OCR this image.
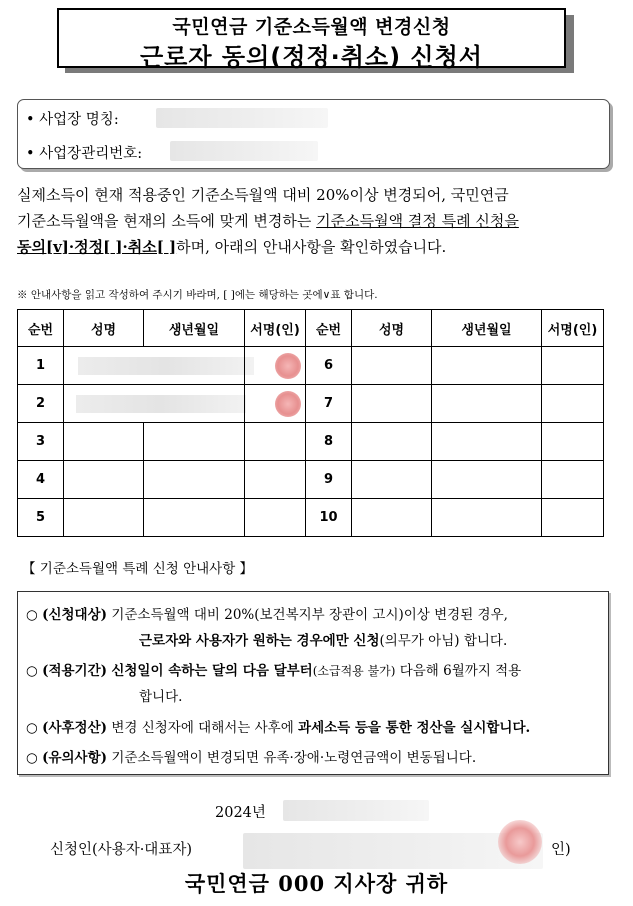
국민연금 기준소득월액 변경신청
근로자 동의(정정·취소) 신청서
• 사업장 명칭:
• 사업장관리번호:
실제소득이 현재 적용중인 기준소득월액 대비 20%이상 변경되어, 국민연금
기준소득월액을 현재의 소득에 맞게 변경하는 기준소득월액 결정 특례 신청을
동의[v]·정정[ ]·취소[ ]하며, 아래의 안내사항을 확인하였습니다.
※ 안내사항을 읽고 작성하여 주시기 바라며, [ ]에는 해당하는 곳에∨표 합니다.
순번	성명	생년월일	서명(인)	순번	성명	생년월일	서명(인)
1				6			
2				7			
3				8			
4				9			
5				10			
【 기준소득월액 특례 신청 안내사항 】
○ (신청대상) 기준소득월액 대비 20%(보건복지부 장관이 고시)이상 변경된 경우,
근로자와 사용자가 원하는 경우에만 신청(의무가 아님) 합니다.
○ (적용기간) 신청일이 속하는 달의 다음 달부터(소급적용 불가) 다음해 6월까지 적용
합니다.
○ (사후정산) 변경 신청자에 대해서는 사후에 과세소득 등을 통한 정산을 실시합니다.
○ (유의사항) 기준소득월액이 변경되면 유족·장애·노령연금액이 변동됩니다.
2024년
신청인(사용자·대표자)	인)
국민연금 000 지사장 귀하
